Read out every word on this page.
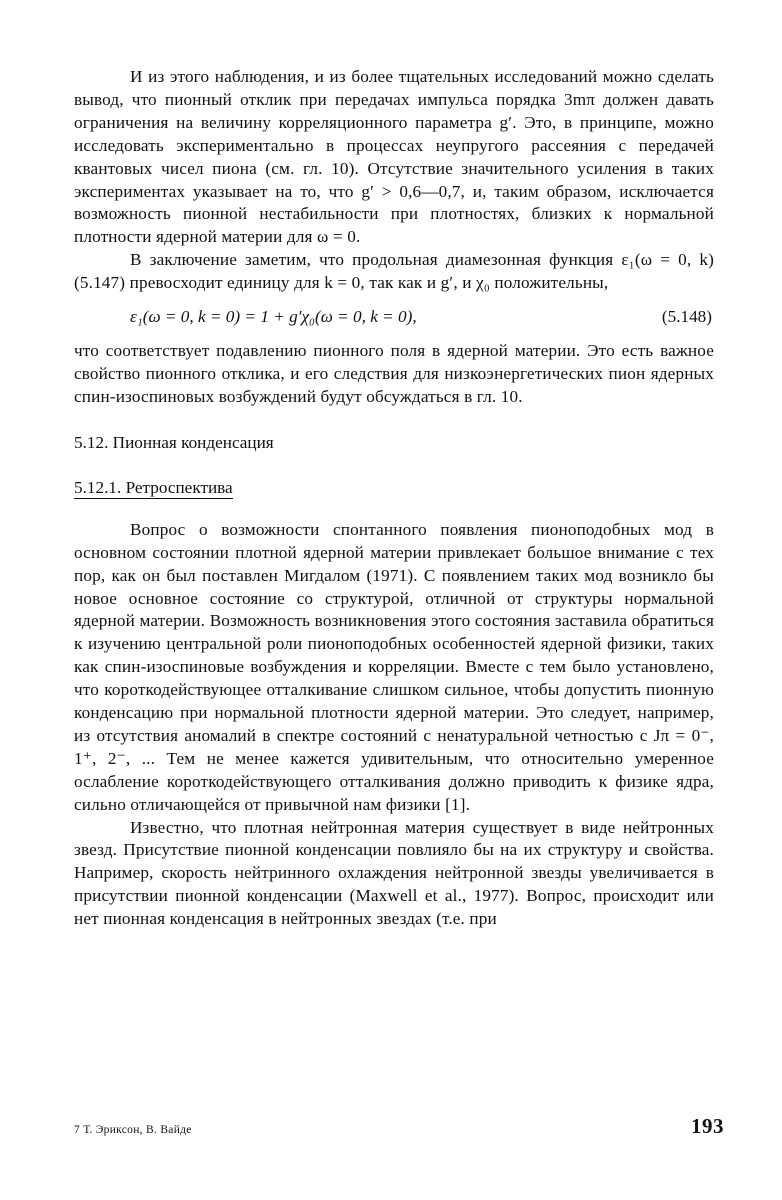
И из этого наблюдения, и из более тщательных исследований можно сделать вывод, что пионный отклик при передачах импульса порядка 3mπ должен давать ограничения на величину корреляционного параметра g′. Это, в принципе, можно исследовать экспериментально в процессах неупругого рассеяния с передачей квантовых чисел пиона (см. гл. 10). Отсутствие значительного усиления в таких экспериментах указывает на то, что g′ > 0,6—0,7, и, таким образом, исключается возможность пионной нестабильности при плотностях, близких к нормальной плотности ядерной материи для ω = 0.

В заключение заметим, что продольная диамезонная функция ε₁(ω = 0, k) (5.147) превосходит единицу для k = 0, так как и g′, и χ₀ положительны,

ε₁(ω = 0, k = 0) = 1 + g′χ₀(ω = 0, k = 0),	(5.148)

что соответствует подавлению пионного поля в ядерной материи. Это есть важное свойство пионного отклика, и его следствия для низкоэнергетических пион ядерных спин-изоспиновых возбуждений будут обсуждаться в гл. 10.

5.12. Пионная конденсация
5.12.1. Ретроспектива

Вопрос о возможности спонтанного появления пионоподобных мод в основном состоянии плотной ядерной материи привлекает большое внимание с тех пор, как он был поставлен Мигдалом (1971). С появлением таких мод возникло бы новое основное состояние со структурой, отличной от структуры нормальной ядерной материи. Возможность возникновения этого состояния заставила обратиться к изучению центральной роли пионоподобных особенностей ядерной физики, таких как спин-изоспиновые возбуждения и корреляции. Вместе с тем было установлено, что короткодействующее отталкивание слишком сильное, чтобы допустить пионную конденсацию при нормальной плотности ядерной материи. Это следует, например, из отсутствия аномалий в спектре состояний с ненатуральной четностью с Jπ = 0⁻, 1⁺, 2⁻, ... Тем не менее кажется удивительным, что относительно умеренное ослабление короткодействующего отталкивания должно приводить к физике ядра, сильно отличающейся от привычной нам физики [1].

Известно, что плотная нейтронная материя существует в виде нейтронных звезд. Присутствие пионной конденсации повлияло бы на их структуру и свойства. Например, скорость нейтринного охлаждения нейтронной звезды увеличивается в присутствии пионной конденсации (Maxwell et al., 1977). Вопрос, происходит или нет пионная конденсация в нейтронных звездах (т.е. при

7 Т. Эриксон, В. Вайде	193
